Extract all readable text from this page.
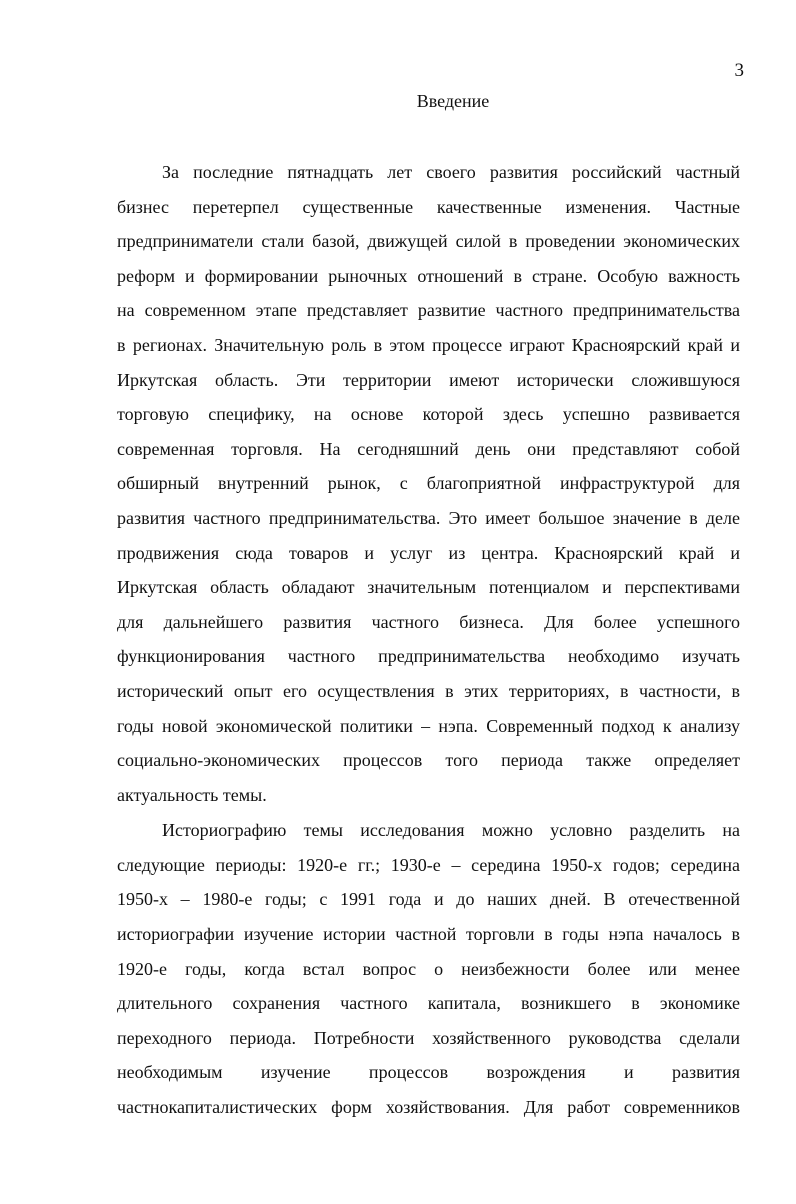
3
Введение

За последние пятнадцать лет своего развития российский частный
бизнес перетерпел существенные качественные изменения. Частные
предприниматели стали базой, движущей силой в проведении экономических
реформ и формировании рыночных отношений в стране. Особую важность
на современном этапе представляет развитие частного предпринимательства
в регионах. Значительную роль в этом процессе играют Красноярский край и
Иркутская область. Эти территории имеют исторически сложившуюся
торговую специфику, на основе которой здесь успешно развивается
современная торговля. На сегодняшний день они представляют собой
обширный внутренний рынок, с благоприятной инфраструктурой для
развития частного предпринимательства. Это имеет большое значение в деле
продвижения сюда товаров и услуг из центра. Красноярский край и
Иркутская область обладают значительным потенциалом и перспективами
для дальнейшего развития частного бизнеса. Для более успешного
функционирования частного предпринимательства необходимо изучать
исторический опыт его осуществления в этих территориях, в частности, в
годы новой экономической политики – нэпа. Современный подход к анализу
социально-экономических процессов того периода также определяет
актуальность темы.

Историографию темы исследования можно условно разделить на
следующие периоды: 1920-е гг.; 1930-е – середина 1950-х годов; середина
1950-х – 1980-е годы; с 1991 года и до наших дней. В отечественной
историографии изучение истории частной торговли в годы нэпа началось в
1920-е годы, когда встал вопрос о неизбежности более или менее
длительного сохранения частного капитала, возникшего в экономике
переходного периода. Потребности хозяйственного руководства сделали
необходимым изучение процессов возрождения и развития
частнокапиталистических форм хозяйствования. Для работ современников
